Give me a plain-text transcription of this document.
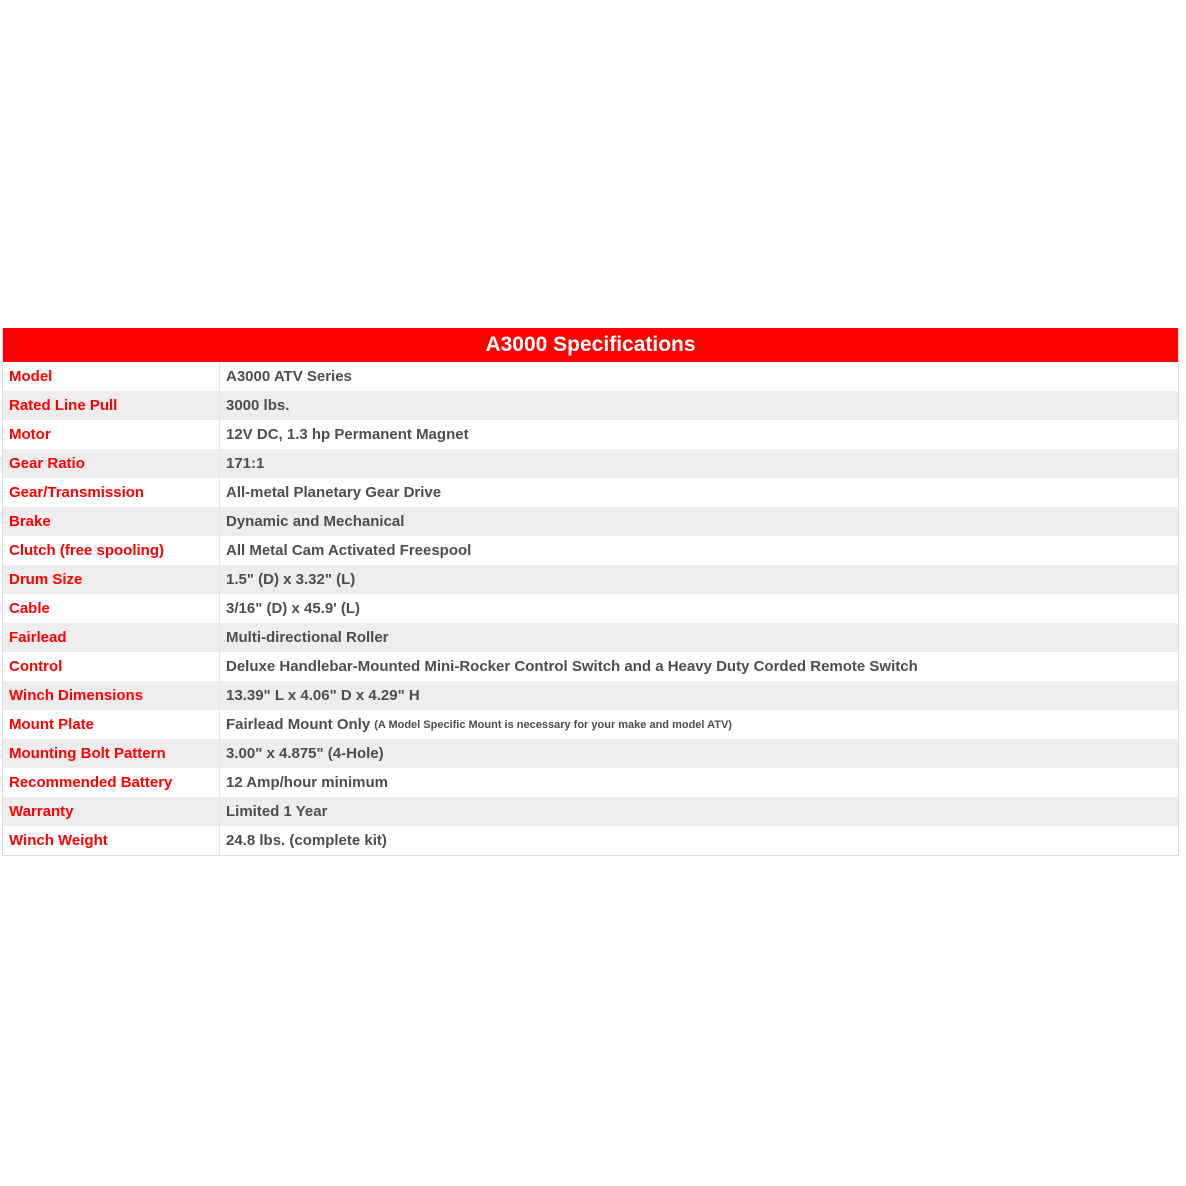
A3000 Specifications
Model	A3000 ATV Series
Rated Line Pull	3000 lbs.
Motor	12V DC, 1.3 hp Permanent Magnet
Gear Ratio	171:1
Gear/Transmission	All-metal Planetary Gear Drive
Brake	Dynamic and Mechanical
Clutch (free spooling)	All Metal Cam Activated Freespool
Drum Size	1.5" (D) x 3.32" (L)
Cable	3/16" (D) x 45.9' (L)
Fairlead	Multi-directional Roller
Control	Deluxe Handlebar-Mounted Mini-Rocker Control Switch and a Heavy Duty Corded Remote Switch
Winch Dimensions	13.39" L x 4.06" D x 4.29" H
Mount Plate	Fairlead Mount Only (A Model Specific Mount is necessary for your make and model ATV)
Mounting Bolt Pattern	3.00" x 4.875" (4-Hole)
Recommended Battery	12 Amp/hour minimum
Warranty	Limited 1 Year
Winch Weight	24.8 lbs. (complete kit)
